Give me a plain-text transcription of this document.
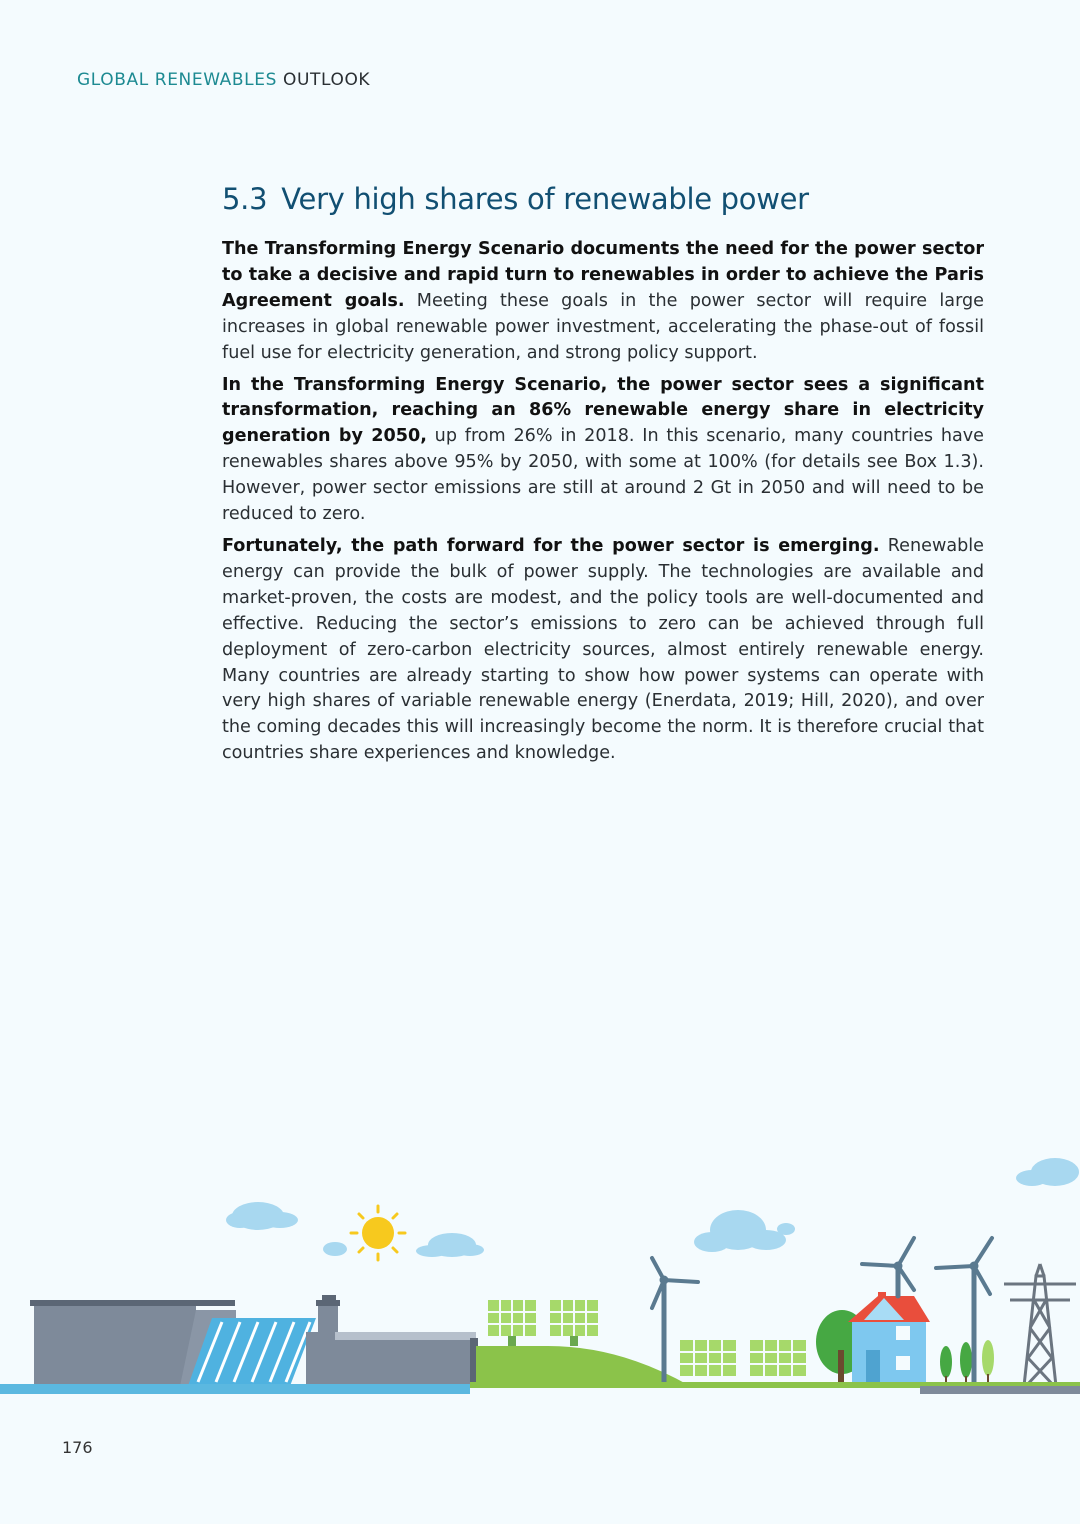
GLOBAL RENEWABLES OUTLOOK
5.3 Very high shares of renewable power

The Transforming Energy Scenario documents the need for the power sector to take a decisive and rapid turn to renewables in order to achieve the Paris Agreement goals. Meeting these goals in the power sector will require large increases in global renewable power investment, accelerating the phase-out of fossil fuel use for electricity generation, and strong policy support.

In the Transforming Energy Scenario, the power sector sees a significant transformation, reaching an 86% renewable energy share in electricity generation by 2050, up from 26% in 2018. In this scenario, many countries have renewables shares above 95% by 2050, with some at 100% (for details see Box 1.3). However, power sector emissions are still at around 2 Gt in 2050 and will need to be reduced to zero.

Fortunately, the path forward for the power sector is emerging. Renewable energy can provide the bulk of power supply. The technologies are available and market-proven, the costs are modest, and the policy tools are well-documented and effective. Reducing the sector’s emissions to zero can be achieved through full deployment of zero-carbon electricity sources, almost entirely renewable energy. Many countries are already starting to show how power systems can operate with very high shares of variable renewable energy (Enerdata, 2019; Hill, 2020), and over the coming decades this will increasingly become the norm. It is therefore crucial that countries share experiences and knowledge.

176
